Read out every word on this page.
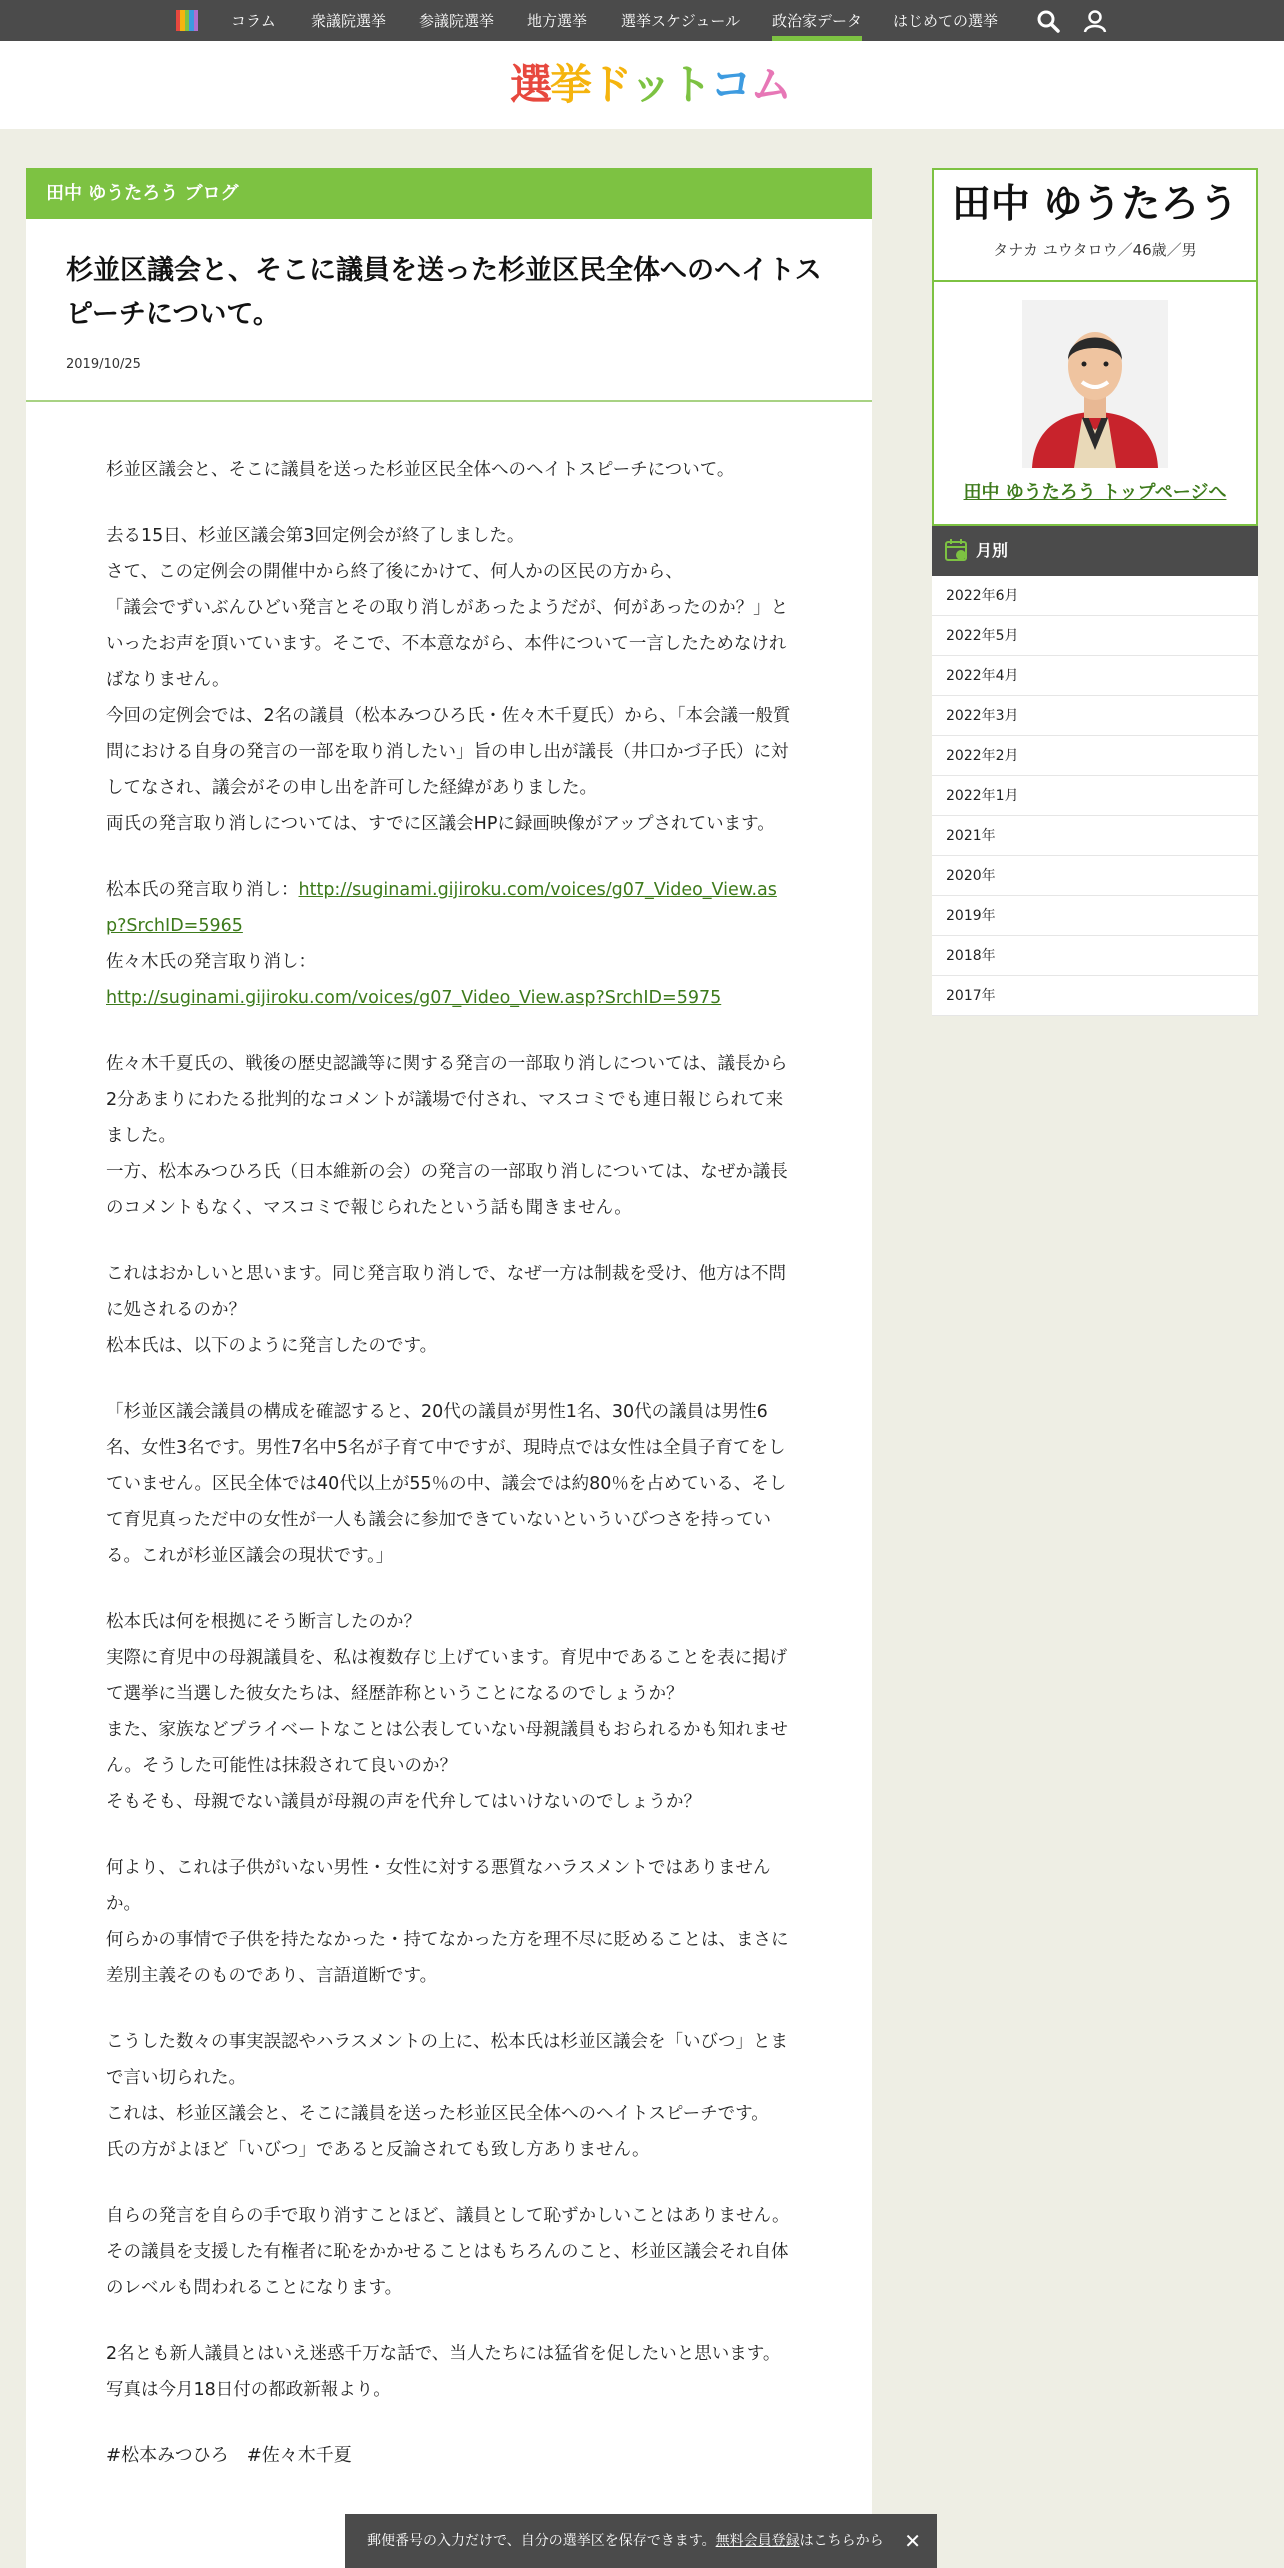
コラム 衆議院選挙 参議院選挙 地方選挙 選挙スケジュール 政治家データ はじめての選挙
選挙ドットコム
田中 ゆうたろう ブログ
杉並区議会と、そこに議員を送った杉並区民全体へのヘイトスピーチについて。
2019/10/25

杉並区議会と、そこに議員を送った杉並区民全体へのヘイトスピーチについて。

去る15日、杉並区議会第3回定例会が終了しました。
さて、この定例会の開催中から終了後にかけて、何人かの区民の方から、
「議会でずいぶんひどい発言とその取り消しがあったようだが、何があったのか？」といったお声を頂いています。そこで、不本意ながら、本件について一言したためなければなりません。
今回の定例会では、2名の議員（松本みつひろ氏・佐々木千夏氏）から、「本会議一般質問における自身の発言の一部を取り消したい」旨の申し出が議長（井口かづ子氏）に対してなされ、議会がその申し出を許可した経緯がありました。
両氏の発言取り消しについては、すでに区議会HPに録画映像がアップされています。

松本氏の発言取り消し：http://suginami.gijiroku.com/voices/g07_Video_View.asp?SrchID=5965
佐々木氏の発言取り消し：
http://suginami.gijiroku.com/voices/g07_Video_View.asp?SrchID=5975

佐々木千夏氏の、戦後の歴史認識等に関する発言の一部取り消しについては、議長から2分あまりにわたる批判的なコメントが議場で付され、マスコミでも連日報じられて来ました。
一方、松本みつひろ氏（日本維新の会）の発言の一部取り消しについては、なぜか議長のコメントもなく、マスコミで報じられたという話も聞きません。

これはおかしいと思います。同じ発言取り消しで、なぜ一方は制裁を受け、他方は不問に処されるのか？
松本氏は、以下のように発言したのです。

「杉並区議会議員の構成を確認すると、20代の議員が男性1名、30代の議員は男性6名、女性3名です。男性7名中5名が子育て中ですが、現時点では女性は全員子育てをしていません。区民全体では40代以上が55％の中、議会では約80％を占めている、そして育児真っただ中の女性が一人も議会に参加できていないといういびつさを持っている。これが杉並区議会の現状です。」

松本氏は何を根拠にそう断言したのか？
実際に育児中の母親議員を、私は複数存じ上げています。育児中であることを表に掲げて選挙に当選した彼女たちは、経歴詐称ということになるのでしょうか？
また、家族などプライベートなことは公表していない母親議員もおられるかも知れません。そうした可能性は抹殺されて良いのか？
そもそも、母親でない議員が母親の声を代弁してはいけないのでしょうか？

何より、これは子供がいない男性・女性に対する悪質なハラスメントではありませんか。
何らかの事情で子供を持たなかった・持てなかった方を理不尽に貶めることは、まさに差別主義そのものであり、言語道断です。

こうした数々の事実誤認やハラスメントの上に、松本氏は杉並区議会を「いびつ」とまで言い切られた。
これは、杉並区議会と、そこに議員を送った杉並区民全体へのヘイトスピーチです。
氏の方がよほど「いびつ」であると反論されても致し方ありません。

自らの発言を自らの手で取り消すことほど、議員として恥ずかしいことはありません。
その議員を支援した有権者に恥をかかせることはもちろんのこと、杉並区議会それ自体のレベルも問われることになります。

2名とも新人議員とはいえ迷惑千万な話で、当人たちには猛省を促したいと思います。
写真は今月18日付の都政新報より。

#松本みつひろ　#佐々木千夏
田中 ゆうたろう
タナカ ユウタロウ／46歳／男
田中 ゆうたろう トップページへ
月別
2022年6月
2022年5月
2022年4月
2022年3月
2022年2月
2022年1月
2021年
2020年
2019年
2018年
2017年
郵便番号の入力だけで、自分の選挙区を保存できます。無料会員登録はこちらから ✕
